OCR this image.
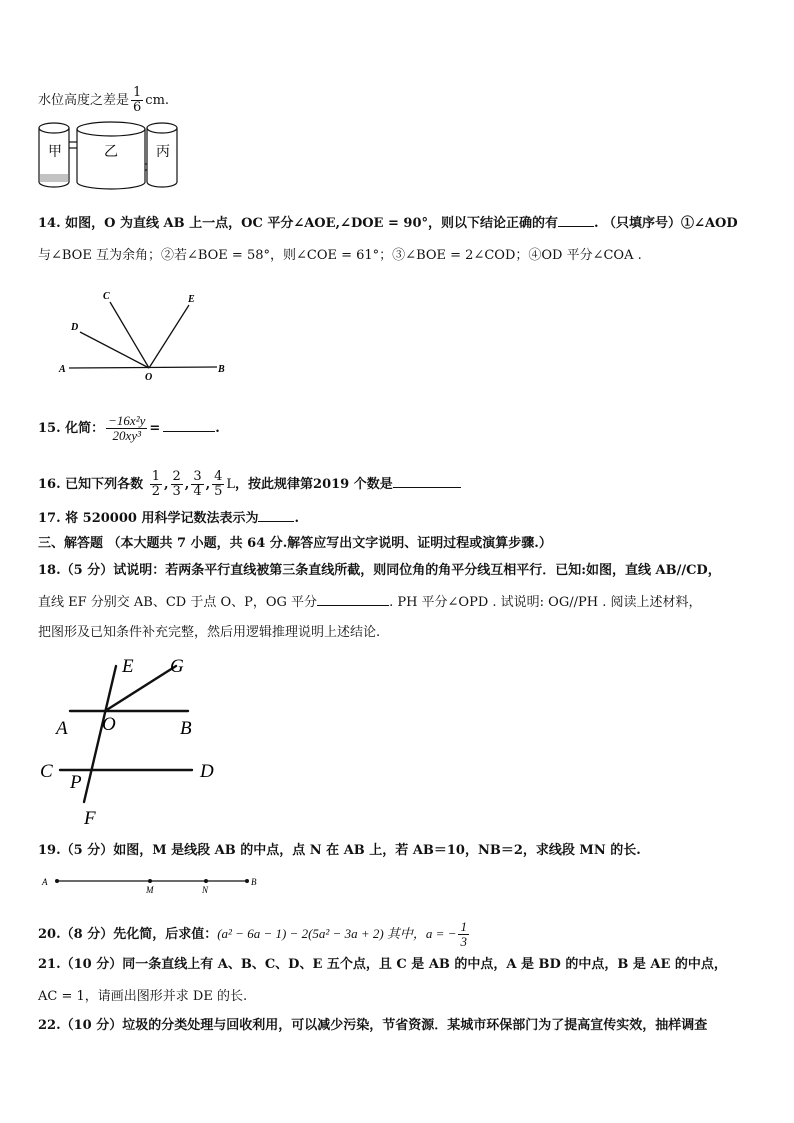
水位高度之差是 $\frac{1}{6}$ cm.
甲	乙	丙
14. 如图，O 为直线 AB 上一点，OC 平分∠AOE,∠DOE = 90°，则以下结论正确的有	. （只填序号）①∠AOD
与∠BOE 互为余角；②若∠BOE = 58°，则∠COE = 61°；③∠BOE = 2∠COD；④OD 平分∠COA .
C	E
D
A
O
B
15. 化简： $\frac{\text{−16x²y}}{\text{20xy³}}$ =	.
16. 已知下列各数 $\frac{1}{2}$ , $\frac{2}{3}$ , $\frac{3}{4}$ , $\frac{4}{5}$ L，按此规律第2019 个数是
17. 将 520000 用科学记数法表示为	.
三、解答题 （本大题共 7 小题，共 64 分.解答应写出文字说明、证明过程或演算步骤.）
18.（5 分）试说明：若两条平行直线被第三条直线所截，则同位角的角平分线互相平行．已知:如图，直线 AB//CD，
直线 EF 分别交 AB、CD 于点 O、P，OG 平分	. PH 平分∠OPD . 试说明: OG//PH . 阅读上述材料，
把图形及已知条件补充完整，然后用逻辑推理说明上述结论.
E G
A O	B
C
P
D
F
19.（5 分）如图，M 是线段 AB 的中点，点 N 在 AB 上，若 AB＝10，NB＝2，求线段 MN 的长.
A
M	N
B
20.（8 分）先化简，后求值：(a² − 6a − 1) − 2(5a² − 3a + 2) 其中，a = − $\frac{1}{3}$
21.（10 分）同一条直线上有 A、B、C、D、E 五个点，且 C 是 AB 的中点，A 是 BD 的中点，B 是 AE 的中点，
AC = 1，请画出图形并求 DE 的长.
22.（10 分）垃圾的分类处理与回收利用，可以减少污染，节省资源．某城市环保部门为了提高宣传实效，抽样调查
